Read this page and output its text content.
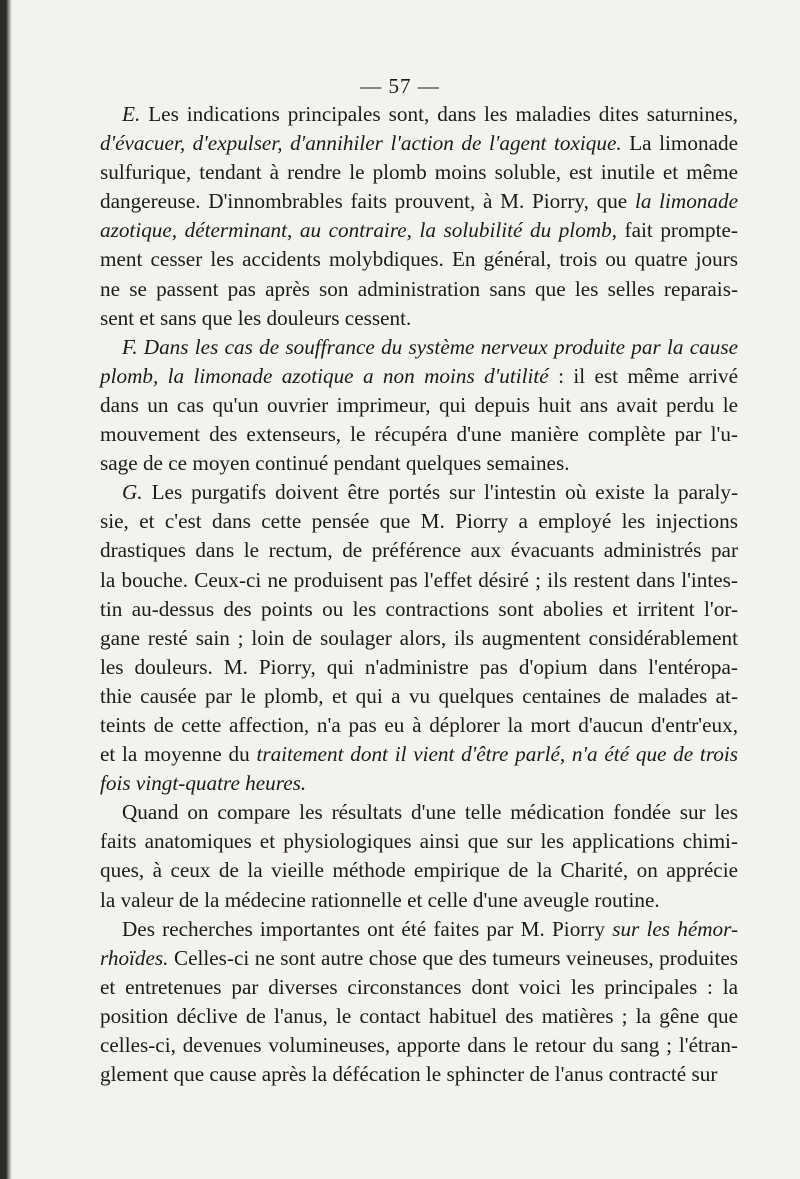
— 57 —
E. Les indications principales sont, dans les maladies dites saturnines,
d'évacuer, d'expulser, d'annihiler l'action de l'agent toxique. La limonade
sulfurique, tendant à rendre le plomb moins soluble, est inutile et même
dangereuse. D'innombrables faits prouvent, à M. Piorry, que la limonade
azotique, déterminant, au contraire, la solubilité du plomb, fait prompte-
ment cesser les accidents molybdiques. En général, trois ou quatre jours
ne se passent pas après son administration sans que les selles reparais-
sent et sans que les douleurs cessent.
F. Dans les cas de souffrance du système nerveux produite par la cause
plomb, la limonade azotique a non moins d'utilité : il est même arrivé
dans un cas qu'un ouvrier imprimeur, qui depuis huit ans avait perdu le
mouvement des extenseurs, le récupéra d'une manière complète par l'u-
sage de ce moyen continué pendant quelques semaines.
G. Les purgatifs doivent être portés sur l'intestin où existe la paraly-
sie, et c'est dans cette pensée que M. Piorry a employé les injections
drastiques dans le rectum, de préférence aux évacuants administrés par
la bouche. Ceux-ci ne produisent pas l'effet désiré ; ils restent dans l'intes-
tin au-dessus des points ou les contractions sont abolies et irritent l'or-
gane resté sain ; loin de soulager alors, ils augmentent considérablement
les douleurs. M. Piorry, qui n'administre pas d'opium dans l'entéropa-
thie causée par le plomb, et qui a vu quelques centaines de malades at-
teints de cette affection, n'a pas eu à déplorer la mort d'aucun d'entr'eux,
et la moyenne du traitement dont il vient d'être parlé, n'a été que de trois
fois vingt-quatre heures.
Quand on compare les résultats d'une telle médication fondée sur les
faits anatomiques et physiologiques ainsi que sur les applications chimi-
ques, à ceux de la vieille méthode empirique de la Charité, on apprécie
la valeur de la médecine rationnelle et celle d'une aveugle routine.
Des recherches importantes ont été faites par M. Piorry sur les hémor-
rhoïdes. Celles-ci ne sont autre chose que des tumeurs veineuses, produites
et entretenues par diverses circonstances dont voici les principales : la
position déclive de l'anus, le contact habituel des matières ; la gêne que
celles-ci, devenues volumineuses, apporte dans le retour du sang ; l'étran-
glement que cause après la défécation le sphincter de l'anus contracté sur
